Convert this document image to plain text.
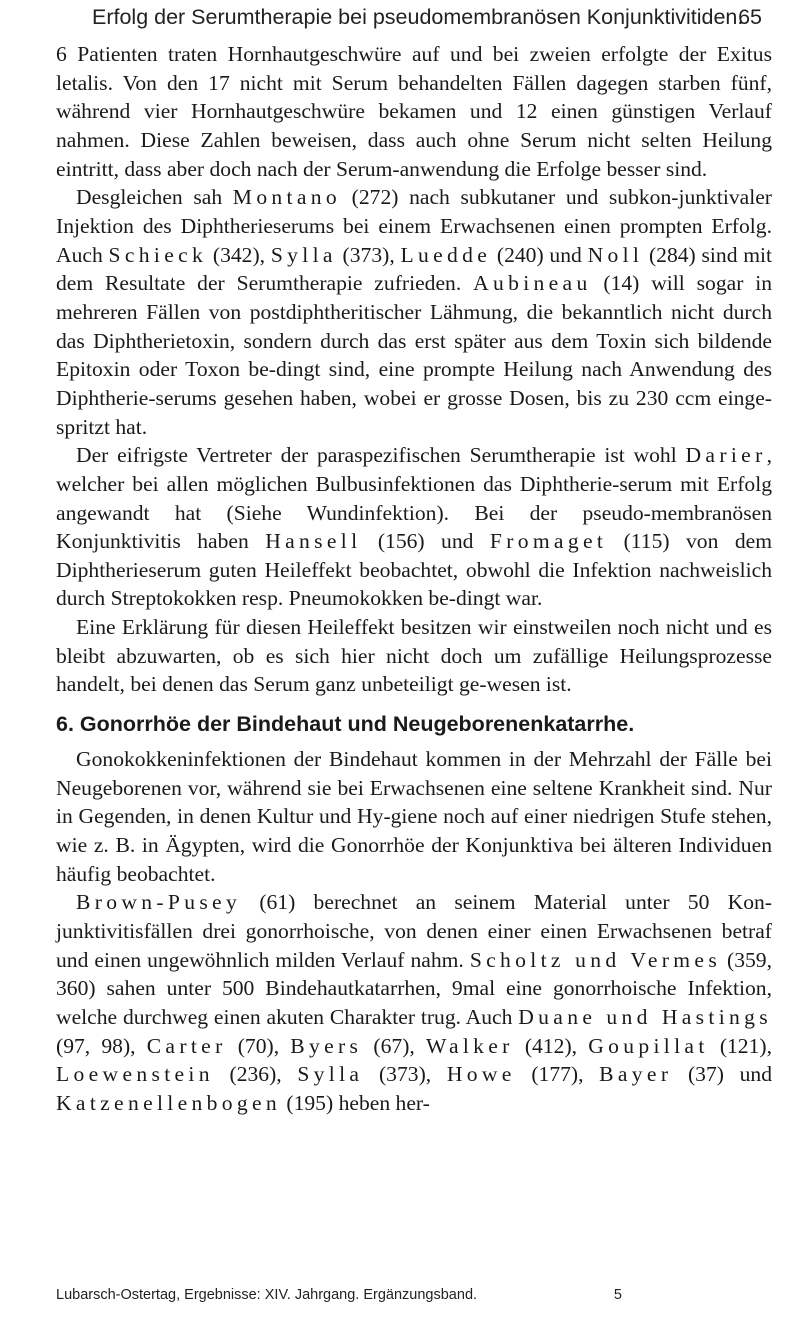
Erfolg der Serumtherapie bei pseudomembranösen Konjunktivitiden.
65

6 Patienten traten Hornhautgeschwüre auf und bei zweien erfolgte der Exitus letalis. Von den 17 nicht mit Serum behandelten Fällen dagegen starben fünf, während vier Hornhautgeschwüre bekamen und 12 einen günstigen Verlauf nahmen. Diese Zahlen beweisen, dass auch ohne Serum nicht selten Heilung eintritt, dass aber doch nach der Serum-anwendung die Erfolge besser sind.

Desgleichen sah Montano (272) nach subkutaner und subkon-junktivaler Injektion des Diphtherieserums bei einem Erwachsenen einen prompten Erfolg. Auch Schieck (342), Sylla (373), Luedde (240) und Noll (284) sind mit dem Resultate der Serumtherapie zufrieden. Aubineau (14) will sogar in mehreren Fällen von postdiphtheritischer Lähmung, die bekanntlich nicht durch das Diphtherietoxin, sondern durch das erst später aus dem Toxin sich bildende Epitoxin oder Toxon be-dingt sind, eine prompte Heilung nach Anwendung des Diphtherie-serums gesehen haben, wobei er grosse Dosen, bis zu 230 ccm einge-spritzt hat.

Der eifrigste Vertreter der paraspezifischen Serumtherapie ist wohl Darier, welcher bei allen möglichen Bulbusinfektionen das Diphtherie-serum mit Erfolg angewandt hat (Siehe Wundinfektion). Bei der pseudo-membranösen Konjunktivitis haben Hansell (156) und Fromaget (115) von dem Diphtherieserum guten Heileffekt beobachtet, obwohl die Infektion nachweislich durch Streptokokken resp. Pneumokokken be-dingt war.

Eine Erklärung für diesen Heileffekt besitzen wir einstweilen noch nicht und es bleibt abzuwarten, ob es sich hier nicht doch um zufällige Heilungsprozesse handelt, bei denen das Serum ganz unbeteiligt ge-wesen ist.

6. Gonorrhöe der Bindehaut und Neugeborenenkatarrhe.

Gonokokkeninfektionen der Bindehaut kommen in der Mehrzahl der Fälle bei Neugeborenen vor, während sie bei Erwachsenen eine seltene Krankheit sind. Nur in Gegenden, in denen Kultur und Hy-giene noch auf einer niedrigen Stufe stehen, wie z. B. in Ägypten, wird die Gonorrhöe der Konjunktiva bei älteren Individuen häufig beobachtet.

Brown-Pusey (61) berechnet an seinem Material unter 50 Kon-junktivitisfällen drei gonorrhoische, von denen einer einen Erwachsenen betraf und einen ungewöhnlich milden Verlauf nahm. Scholtz und Vermes (359, 360) sahen unter 500 Bindehautkatarrhen, 9mal eine gonorrhoische Infektion, welche durchweg einen akuten Charakter trug. Auch Duane und Hastings (97, 98), Carter (70), Byers (67), Walker (412), Goupillat (121), Loewenstein (236), Sylla (373), Howe (177), Bayer (37) und Katzenellenbogen (195) heben her-

Lubarsch-Ostertag, Ergebnisse: XIV. Jahrgang. Ergänzungsband.	5
